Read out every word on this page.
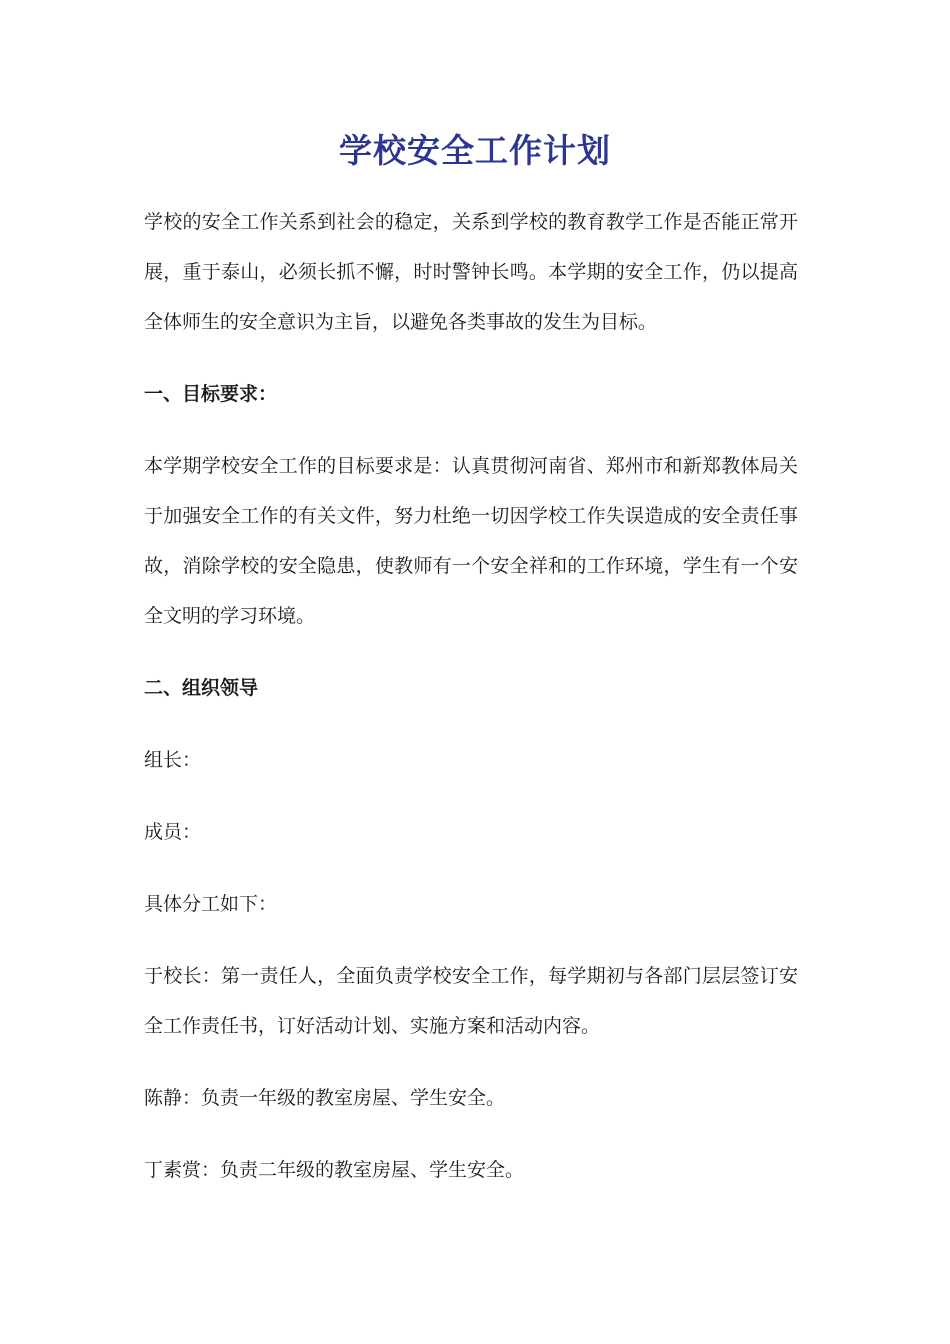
学校安全工作计划

学校的安全工作关系到社会的稳定，关系到学校的教育教学工作是否能正常开展，重于泰山，必须长抓不懈，时时警钟长鸣。本学期的安全工作，仍以提高全体师生的安全意识为主旨，以避免各类事故的发生为目标。

一、目标要求：

本学期学校安全工作的目标要求是：认真贯彻河南省、郑州市和新郑教体局关于加强安全工作的有关文件，努力杜绝一切因学校工作失误造成的安全责任事故，消除学校的安全隐患，使教师有一个安全祥和的工作环境，学生有一个安全文明的学习环境。

二、组织领导

组长：

成员：

具体分工如下：

于校长：第一责任人，全面负责学校安全工作，每学期初与各部门层层签订安全工作责任书，订好活动计划、实施方案和活动内容。

陈静：负责一年级的教室房屋、学生安全。

丁素赏：负责二年级的教室房屋、学生安全。
